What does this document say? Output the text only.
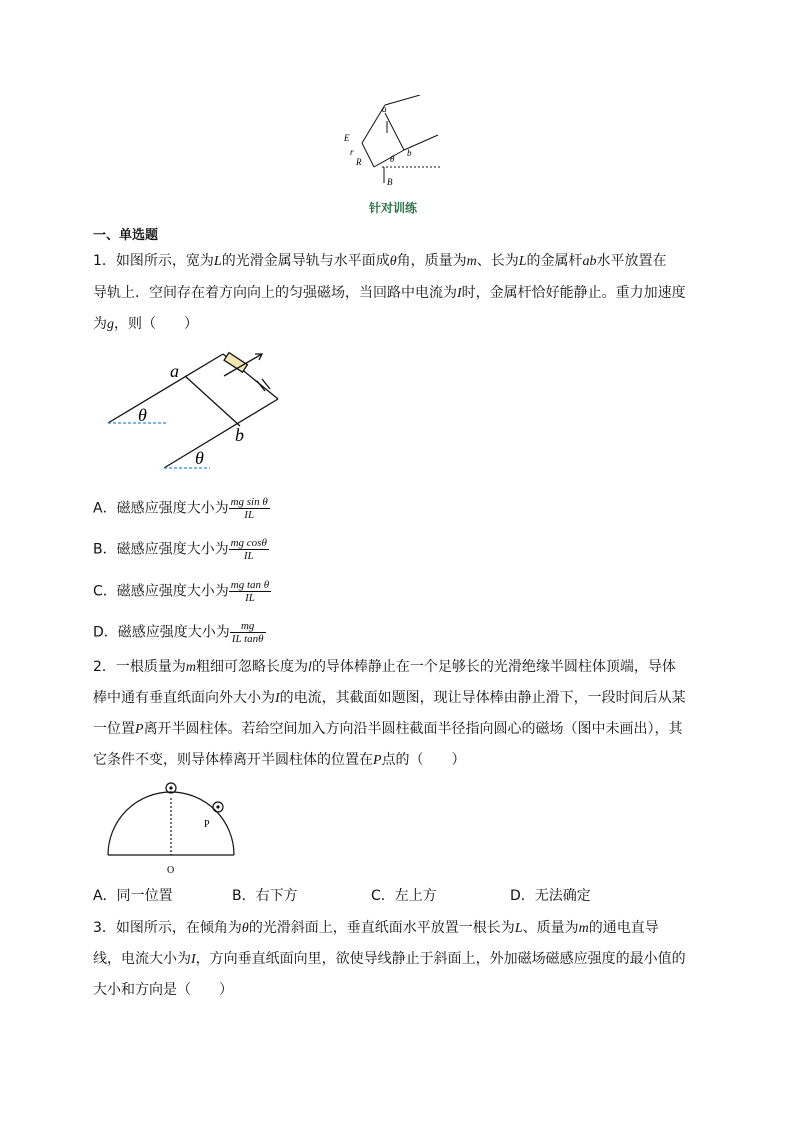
a
b
E
r
R	θ
B
针对训练
一、单选题
1．如图所示，宽为L的光滑金属导轨与水平面成θ角，质量为m、长为L的金属杆ab水平放置在
导轨上．空间存在着方向向上的匀强磁场，当回路中电流为I时，金属杆恰好能静止。重力加速度
为g，则（　　）
a
b
θ
θ
A．磁感应强度大小为 $\frac{\text{mg sin θ}}{IL}$
B．磁感应强度大小为 $\frac{\text{mg cosθ}}{IL}$
C．磁感应强度大小为 $\frac{\text{mg tan θ}}{IL}$
D．磁感应强度大小为 $\frac{mg}{\text{IL tanθ}}$
2．一根质量为m粗细可忽略长度为l的导体棒静止在一个足够长的光滑绝缘半圆柱体顶端，导体
棒中通有垂直纸面向外大小为I的电流，其截面如题图，现让导体棒由静止滑下，一段时间后从某
一位置P离开半圆柱体。若给空间加入方向沿半圆柱截面半径指向圆心的磁场（图中未画出），其
它条件不变，则导体棒离开半圆柱体的位置在P点的（　　）
P
O
A．同一位置	B．右下方	C．左上方	D．无法确定
3．如图所示，在倾角为θ的光滑斜面上，垂直纸面水平放置一根长为L、质量为m的通电直导
线，电流大小为I，方向垂直纸面向里，欲使导线静止于斜面上，外加磁场磁感应强度的最小值的
大小和方向是（　　）
